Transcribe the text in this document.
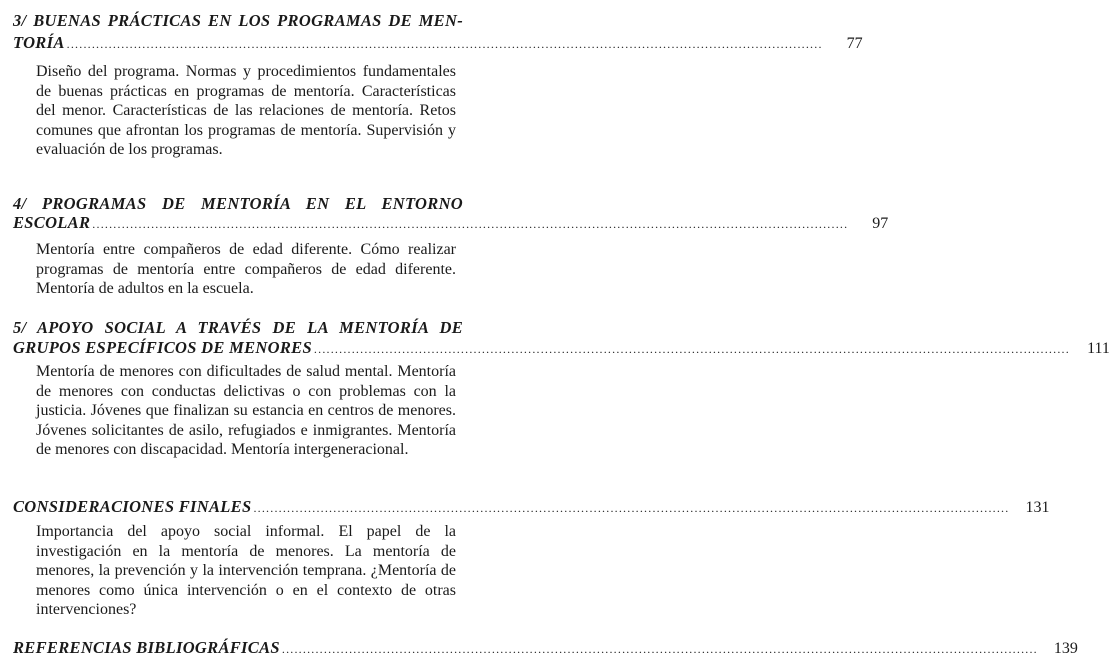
3/ BUENAS PRÁCTICAS EN LOS PROGRAMAS DE MEN-
TORÍA ....................................................................................................................................................................................	77
Diseño del programa. Normas y procedimientos fundamentales de buenas prácticas en programas de mentoría. Características del menor. Características de las relaciones de mentoría. Retos comunes que afrontan los programas de mentoría. Supervisión y evaluación de los programas.
4/ PROGRAMAS DE MENTORÍA EN EL ENTORNO
ESCOLAR ....................................................................................................................................................................................	97
Mentoría entre compañeros de edad diferente. Cómo realizar programas de mentoría entre compañeros de edad diferente. Mentoría de adultos en la escuela.
5/ APOYO SOCIAL A TRAVÉS DE LA MENTORÍA DE
GRUPOS ESPECÍFICOS DE MENORES ....................................................................................................................................................................................	111
Mentoría de menores con dificultades de salud mental. Mentoría de menores con conductas delictivas o con problemas con la justicia. Jóvenes que finalizan su estancia en centros de menores. Jóvenes solicitantes de asilo, refugiados e inmigrantes. Mentoría de menores con discapacidad. Mentoría intergeneracional.
CONSIDERACIONES FINALES ....................................................................................................................................................................................	131
Importancia del apoyo social informal. El papel de la investigación en la mentoría de menores. La mentoría de menores, la prevención y la intervención temprana. ¿Mentoría de menores como única intervención o en el contexto de otras intervenciones?
REFERENCIAS BIBLIOGRÁFICAS ....................................................................................................................................................................................	139
